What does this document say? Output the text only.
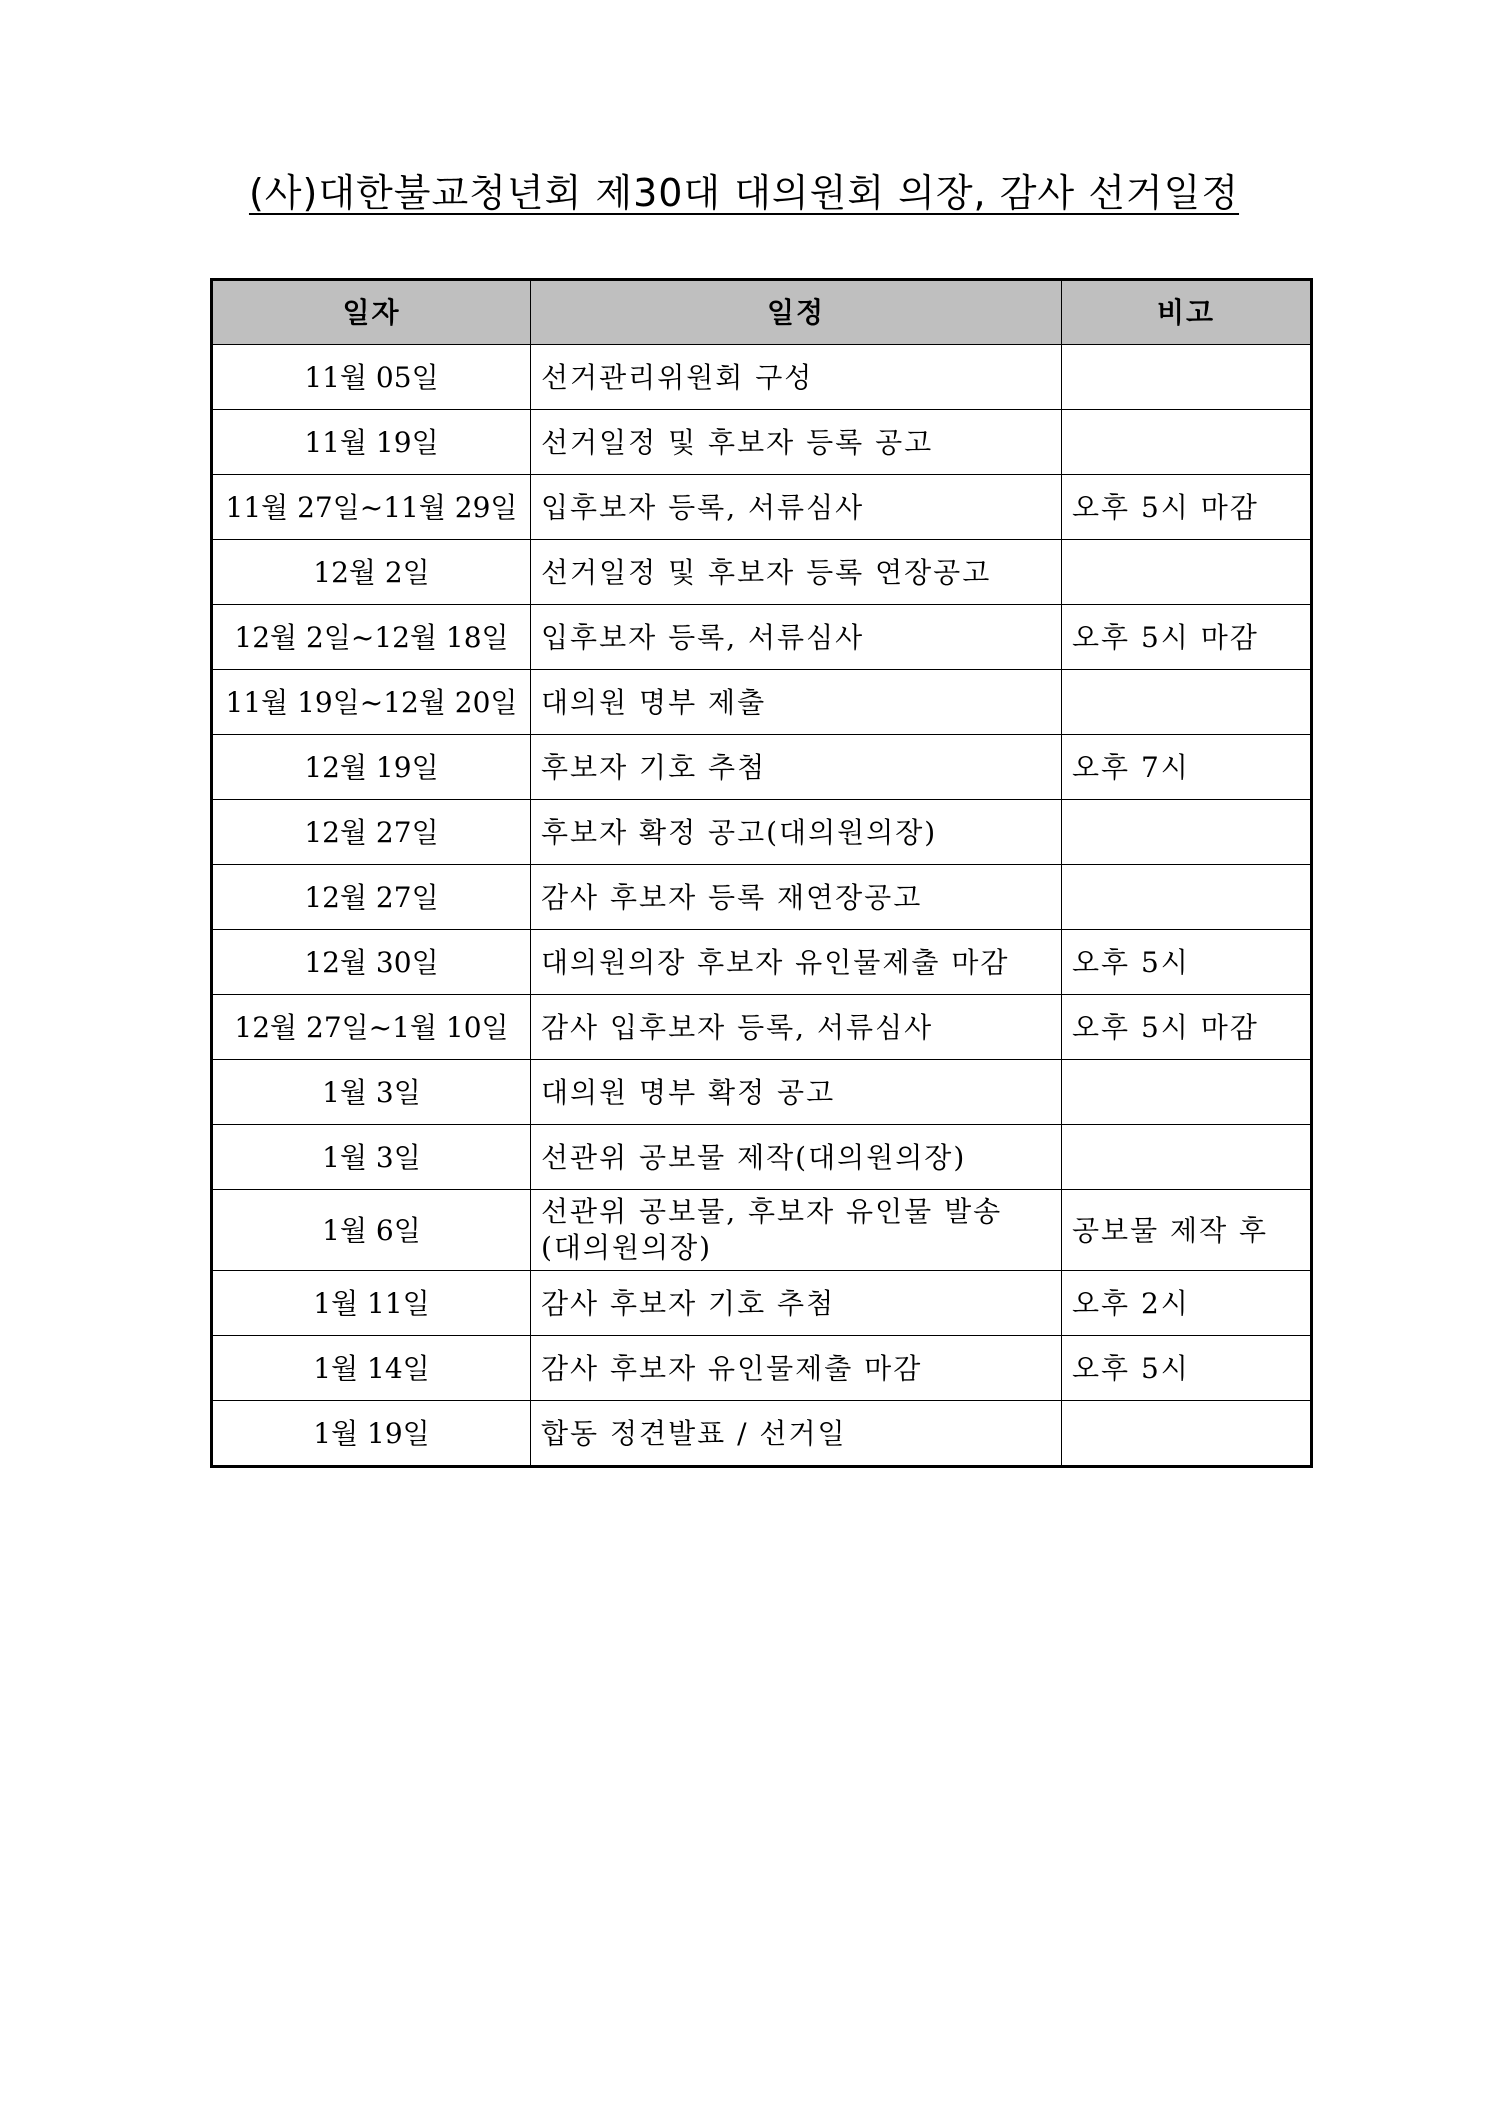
(사)대한불교청년회 제30대 대의원회 의장, 감사 선거일정
일자	일정	비고
11월 05일	선거관리위원회 구성	
11월 19일	선거일정 및 후보자 등록 공고	
11월 27일~11월 29일	입후보자 등록, 서류심사	오후 5시 마감
12월 2일	선거일정 및 후보자 등록 연장공고	
12월 2일~12월 18일	입후보자 등록, 서류심사	오후 5시 마감
11월 19일~12월 20일	대의원 명부 제출	
12월 19일	후보자 기호 추첨	오후 7시
12월 27일	후보자 확정 공고(대의원의장)	
12월 27일	감사 후보자 등록 재연장공고	
12월 30일	대의원의장 후보자 유인물제출 마감	오후 5시
12월 27일~1월 10일	감사 입후보자 등록, 서류심사	오후 5시 마감
1월 3일	대의원 명부 확정 공고	
1월 3일	선관위 공보물 제작(대의원의장)	
1월 6일	선관위 공보물, 후보자 유인물 발송 (대의원의장)	공보물 제작 후
1월 11일	감사 후보자 기호 추첨	오후 2시
1월 14일	감사 후보자 유인물제출 마감	오후 5시
1월 19일	합동 정견발표 / 선거일	
